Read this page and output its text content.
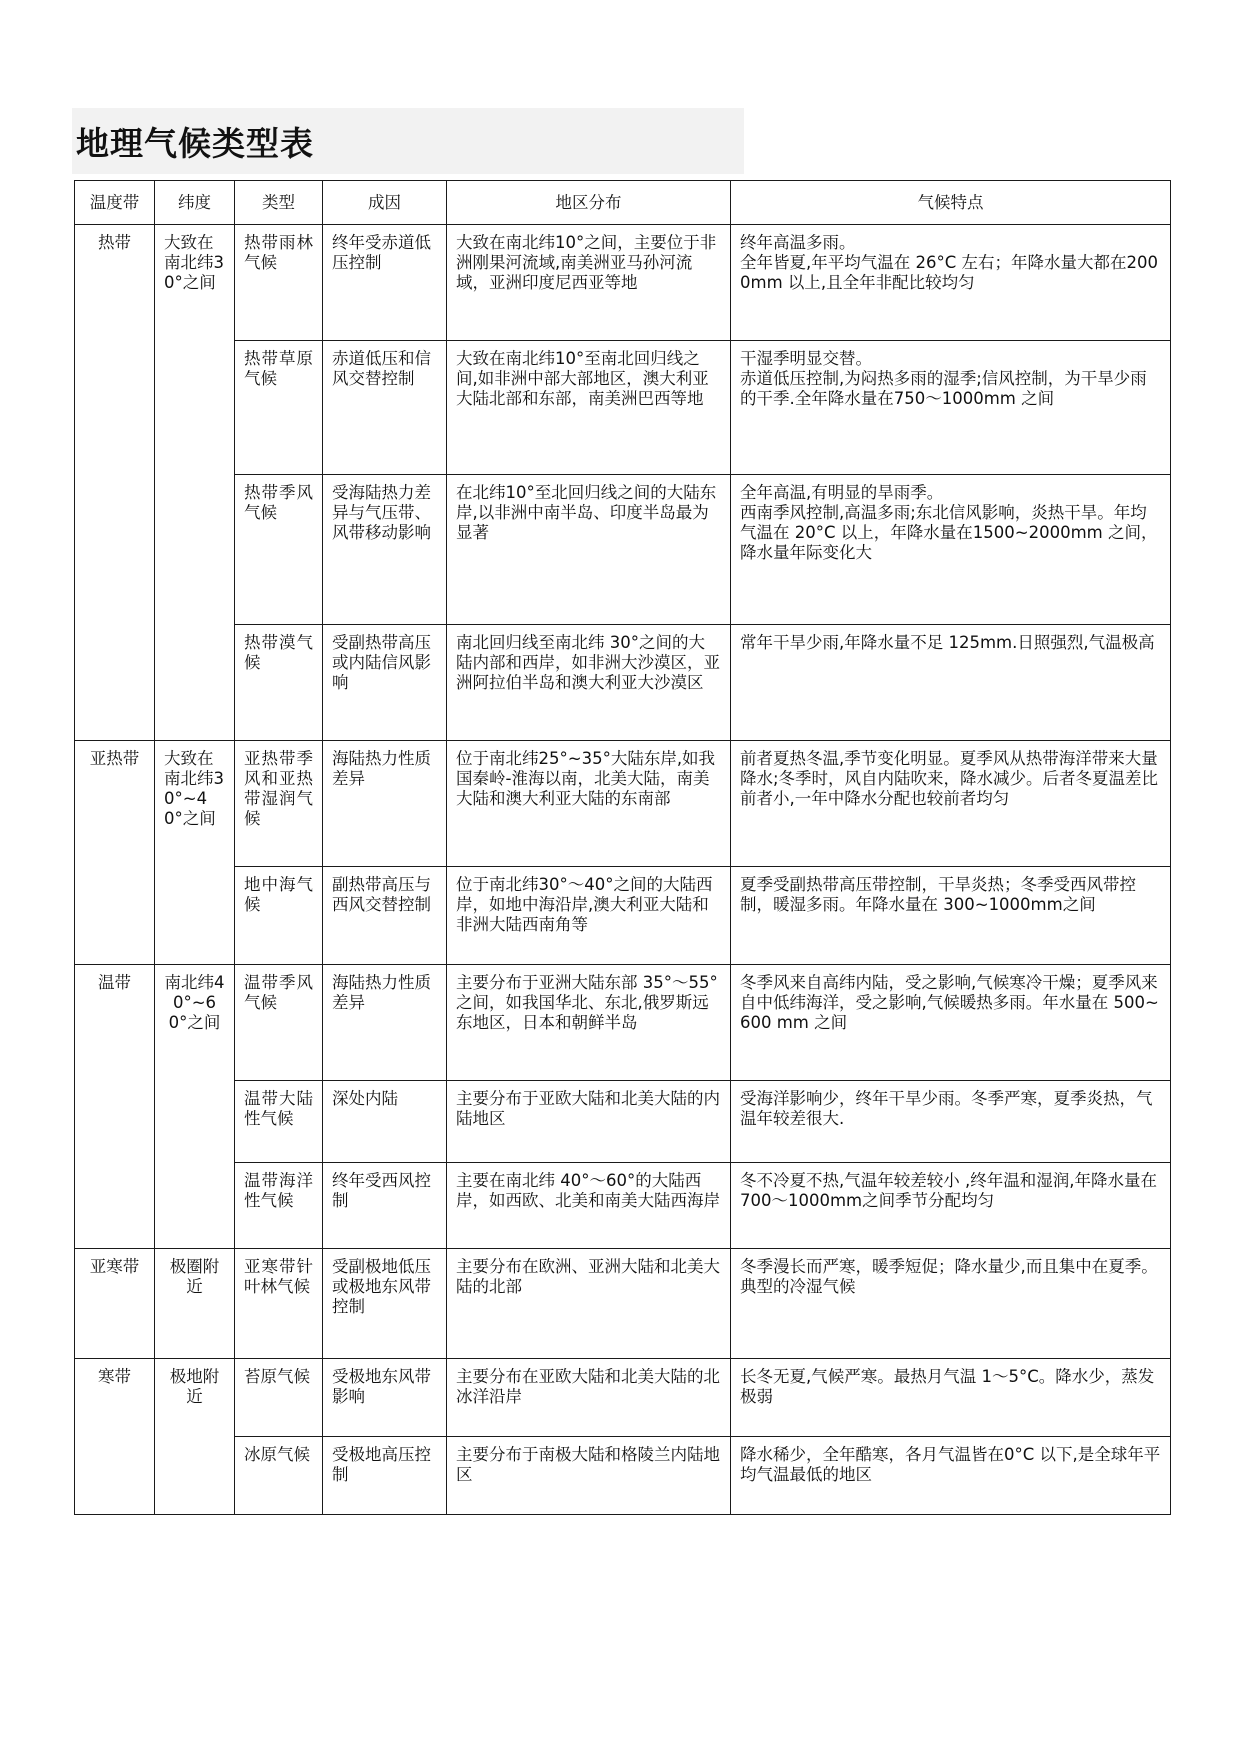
地理气候类型表
温度带	纬度	类型	成因	地区分布	气候特点
热带	大致在南北纬30°之间	热带雨林气候	终年受赤道低压控制	大致在南北纬10°之间，主要位于非洲刚果河流域,南美洲亚马孙河流域，亚洲印度尼西亚等地	终年高温多雨。
全年皆夏,年平均气温在 26°C 左右；年降水量大都在2000mm 以上,且全年非配比较均匀
		热带草原气候	赤道低压和信风交替控制	大致在南北纬10°至南北回归线之间,如非洲中部大部地区，澳大利亚大陆北部和东部，南美洲巴西等地	干湿季明显交替。
赤道低压控制,为闷热多雨的湿季;信风控制，为干旱少雨的干季.全年降水量在750～1000mm 之间
		热带季风气候	受海陆热力差异与气压带、风带移动影响	在北纬10°至北回归线之间的大陆东岸,以非洲中南半岛、印度半岛最为显著	全年高温,有明显的旱雨季。
西南季风控制,高温多雨;东北信风影响，炎热干旱。年均气温在 20°C 以上，年降水量在1500~2000mm 之间，降水量年际变化大
		热带漠气候	受副热带高压或内陆信风影响	南北回归线至南北纬 30°之间的大陆内部和西岸，如非洲大沙漠区，亚洲阿拉伯半岛和澳大利亚大沙漠区	常年干旱少雨,年降水量不足 125mm.日照强烈,气温极高
亚热带	大致在南北纬30°~40°之间	亚热带季风和亚热带湿润气候	海陆热力性质差异	位于南北纬25°~35°大陆东岸,如我国秦岭-淮海以南，北美大陆，南美大陆和澳大利亚大陆的东南部	前者夏热冬温,季节变化明显。夏季风从热带海洋带来大量降水;冬季时，风自内陆吹来，降水减少。后者冬夏温差比前者小,一年中降水分配也较前者均匀
		地中海气候	副热带高压与西风交替控制	位于南北纬30°～40°之间的大陆西岸，如地中海沿岸,澳大利亚大陆和非洲大陆西南角等	夏季受副热带高压带控制，干旱炎热；冬季受西风带控制，暖湿多雨。年降水量在 300~1000mm之间
温带	南北纬40°~60°之间	温带季风气候	海陆热力性质差异	主要分布于亚洲大陆东部 35°～55°之间，如我国华北、东北,俄罗斯远东地区，日本和朝鲜半岛	冬季风来自高纬内陆，受之影响,气候寒冷干燥；夏季风来自中低纬海洋，受之影响,气候暖热多雨。年水量在 500~600 mm 之间
		温带大陆性气候	深处内陆	主要分布于亚欧大陆和北美大陆的内陆地区	受海洋影响少，终年干旱少雨。冬季严寒，夏季炎热，气温年较差很大.
		温带海洋性气候	终年受西风控制	主要在南北纬 40°～60°的大陆西岸，如西欧、北美和南美大陆西海岸	冬不冷夏不热,气温年较差较小 ,终年温和湿润,年降水量在700～1000mm之间季节分配均匀
亚寒带	极圈附近	亚寒带针叶林气候	受副极地低压或极地东风带控制	主要分布在欧洲、亚洲大陆和北美大陆的北部	冬季漫长而严寒，暖季短促；降水量少,而且集中在夏季。典型的冷湿气候
寒带	极地附近	苔原气候	受极地东风带影响	主要分布在亚欧大陆和北美大陆的北冰洋沿岸	长冬无夏,气候严寒。最热月气温 1～5°C。降水少，蒸发极弱
		冰原气候	受极地高压控制	主要分布于南极大陆和格陵兰内陆地区	降水稀少，全年酷寒，各月气温皆在0°C 以下,是全球年平均气温最低的地区
